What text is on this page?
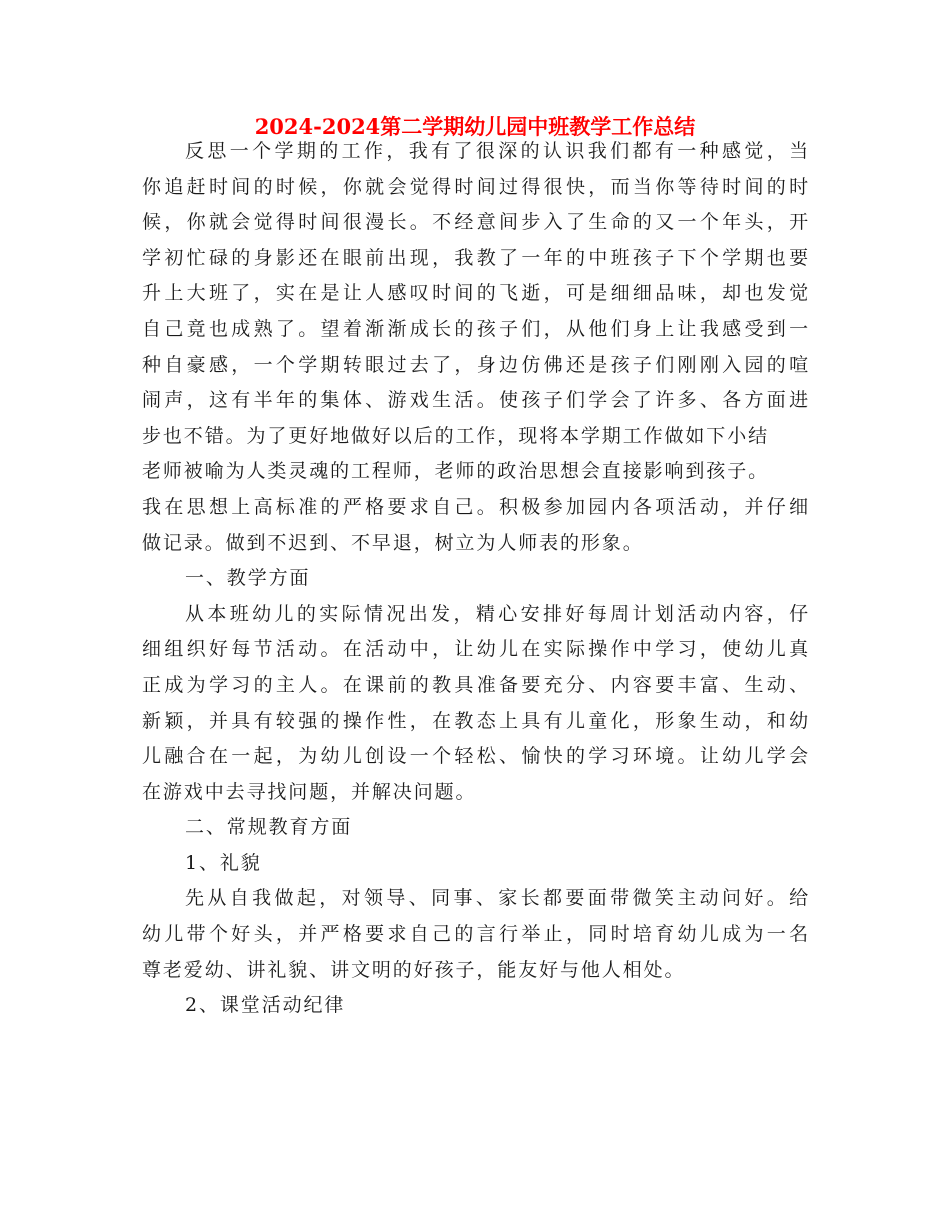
2024-2024第二学期幼儿园中班教学工作总结
反思一个学期的工作，我有了很深的认识我们都有一种感觉，当
你追赶时间的时候，你就会觉得时间过得很快，而当你等待时间的时
候，你就会觉得时间很漫长。不经意间步入了生命的又一个年头，开
学初忙碌的身影还在眼前出现，我教了一年的中班孩子下个学期也要
升上大班了，实在是让人感叹时间的飞逝，可是细细品味，却也发觉
自己竟也成熟了。望着渐渐成长的孩子们，从他们身上让我感受到一
种自豪感，一个学期转眼过去了，身边仿佛还是孩子们刚刚入园的喧
闹声，这有半年的集体、游戏生活。使孩子们学会了许多、各方面进
步也不错。为了更好地做好以后的工作，现将本学期工作做如下小结
老师被喻为人类灵魂的工程师，老师的政治思想会直接影响到孩子。
我在思想上高标准的严格要求自己。积极参加园内各项活动，并仔细
做记录。做到不迟到、不早退，树立为人师表的形象。
一、教学方面
从本班幼儿的实际情况出发，精心安排好每周计划活动内容，仔
细组织好每节活动。在活动中，让幼儿在实际操作中学习，使幼儿真
正成为学习的主人。在课前的教具准备要充分、内容要丰富、生动、
新颖，并具有较强的操作性，在教态上具有儿童化，形象生动，和幼
儿融合在一起，为幼儿创设一个轻松、愉快的学习环境。让幼儿学会
在游戏中去寻找问题，并解决问题。
二、常规教育方面
1、礼貌
先从自我做起，对领导、同事、家长都要面带微笑主动问好。给
幼儿带个好头，并严格要求自己的言行举止，同时培育幼儿成为一名
尊老爱幼、讲礼貌、讲文明的好孩子，能友好与他人相处。
2、课堂活动纪律
